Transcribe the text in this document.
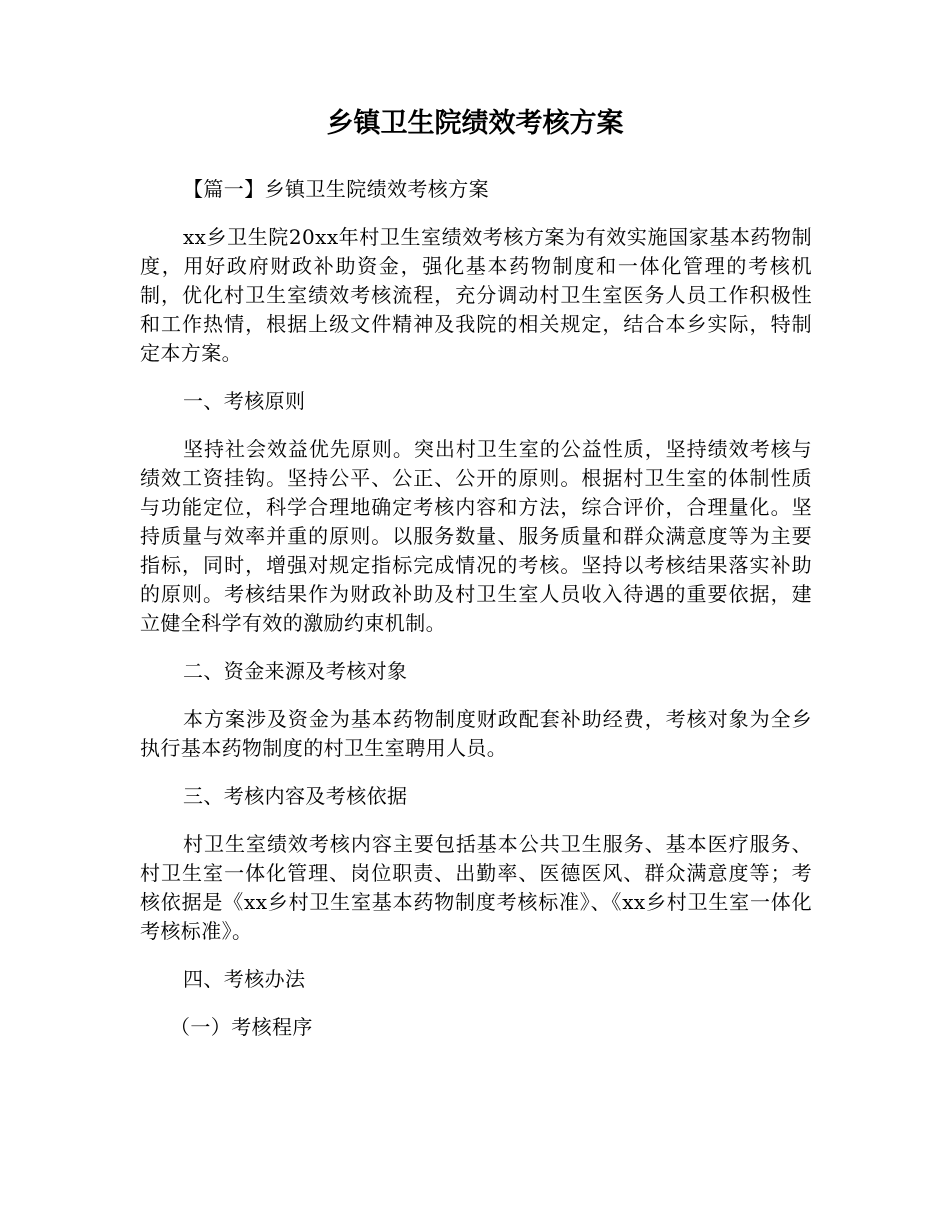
乡镇卫生院绩效考核方案

【篇一】乡镇卫生院绩效考核方案

xx乡卫生院20xx年村卫生室绩效考核方案为有效实施国家基本药物制度，用好政府财政补助资金，强化基本药物制度和一体化管理的考核机制，优化村卫生室绩效考核流程，充分调动村卫生室医务人员工作积极性和工作热情，根据上级文件精神及我院的相关规定，结合本乡实际，特制定本方案。

一、考核原则

坚持社会效益优先原则。突出村卫生室的公益性质，坚持绩效考核与绩效工资挂钩。坚持公平、公正、公开的原则。根据村卫生室的体制性质与功能定位，科学合理地确定考核内容和方法，综合评价，合理量化。坚持质量与效率并重的原则。以服务数量、服务质量和群众满意度等为主要指标，同时，增强对规定指标完成情况的考核。坚持以考核结果落实补助的原则。考核结果作为财政补助及村卫生室人员收入待遇的重要依据，建立健全科学有效的激励约束机制。

二、资金来源及考核对象

本方案涉及资金为基本药物制度财政配套补助经费，考核对象为全乡执行基本药物制度的村卫生室聘用人员。

三、考核内容及考核依据

村卫生室绩效考核内容主要包括基本公共卫生服务、基本医疗服务、村卫生室一体化管理、岗位职责、出勤率、医德医风、群众满意度等；考核依据是《xx乡村卫生室基本药物制度考核标准》、《xx乡村卫生室一体化考核标准》。

四、考核办法

（一）考核程序
